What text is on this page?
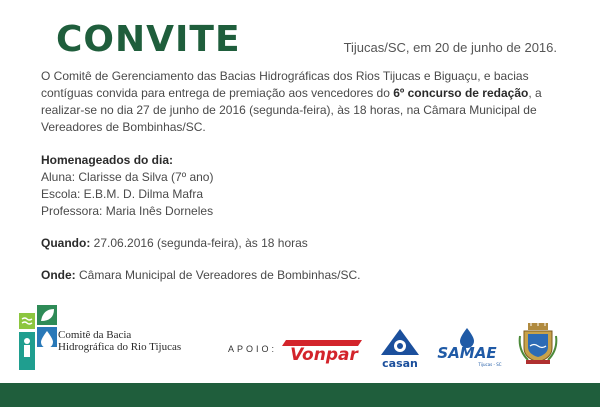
CONVITE	Tijucas/SC, em 20 de junho de 2016.

O Comitê de Gerenciamento das Bacias Hidrográficas dos Rios Tijucas e Biguaçu, e bacias contíguas convida para entrega de premiação aos vencedores do 6º concurso de redação, a realizar-se no dia 27 de junho de 2016 (segunda-feira), às 18 horas, na Câmara Municipal de Vereadores de Bombinhas/SC.

Homenageados do dia:

Aluna: Clarisse da Silva (7º ano)

Escola: E.B.M. D. Dilma Mafra

Professora: Maria Inês Dorneles

Quando: 27.06.2016 (segunda-feira), às 18 horas

Onde: Câmara Municipal de Vereadores de Bombinhas/SC.

Comitê da Bacia
Hidrográfica do Rio Tijucas	APOIO: Vonpar casan
SAMAE
Tijucas - SC
